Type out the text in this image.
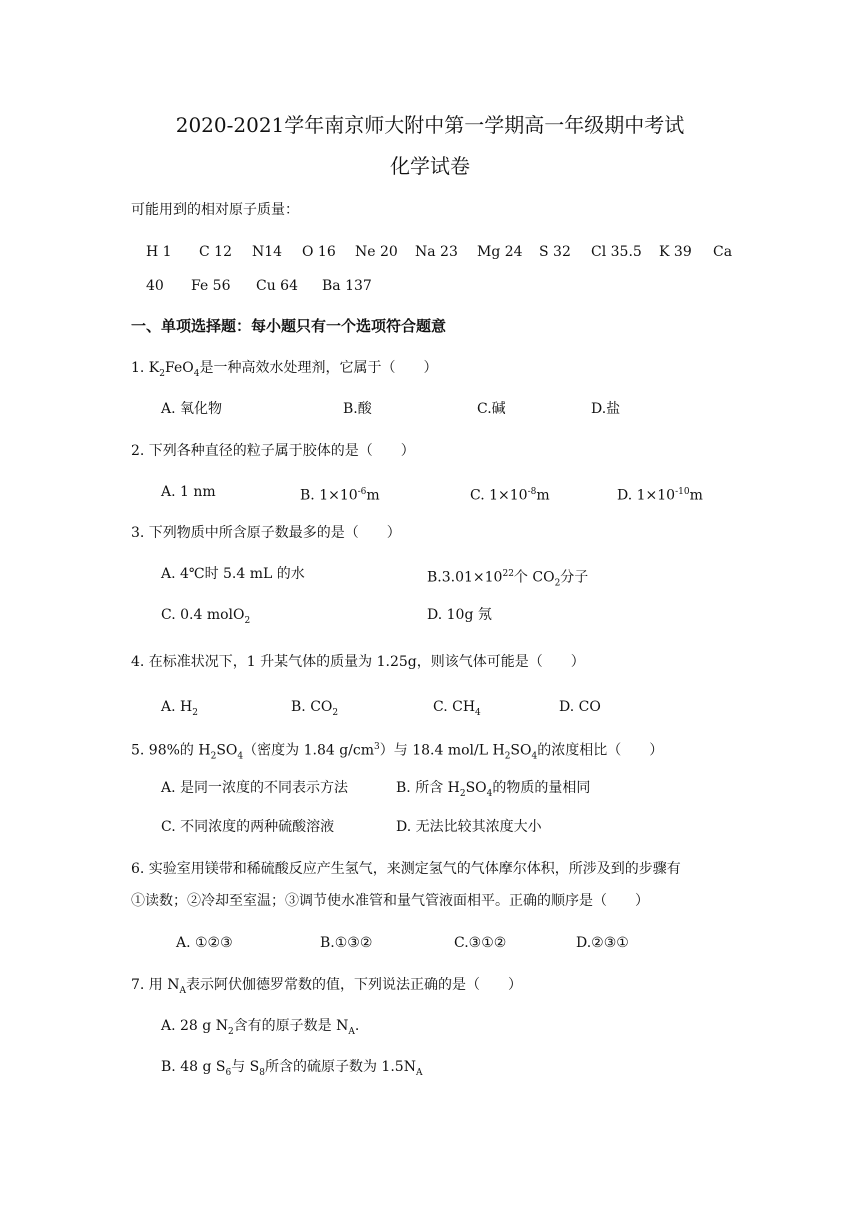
2020-2021学年南京师大附中第一学期高一年级期中考试
化学试卷
可能用到的相对原子质量：
H 1 C 12 N14 O 16 Ne 20 Na 23 Mg 24 S 32 Cl 35.5 K 39 Ca
40 Fe 56 Cu 64 Ba 137
一、单项选择题：每小题只有一个选项符合题意
1. $K_2FeO_4$是一种高效水处理剂，它属于（　　）
A. 氧化物	B.酸	C.碱	D.盐
2. 下列各种直径的粒子属于胶体的是（　　）
A. 1 nm	B. $1\times 10^{-6}m$	C. $1\times 10^{-8}m$	D. $1\times 10^{-10}m$
3. 下列物质中所含原子数最多的是（　　）
A. 4℃时 5.4 mL 的水	$B.3.01\times 10^{22}$个 $CO_2$分子
C. 0.4 molO$_2$	D. 10g 氖
4. 在标准状况下，1 升某气体的质量为 1.25g，则该气体可能是（　　）
A. $H_2$	B. $CO_2$	C. $CH_4$	D. CO
5. 98%的 $H_2SO_4$（密度为 1.84 $g/cm^3$）与 18.4 mol/L $H_2SO_4$的浓度相比（　　）
A. 是同一浓度的不同表示方法	B. 所含 $H_2SO_4$的物质的量相同
C. 不同浓度的两种硫酸溶液	D. 无法比较其浓度大小
6. 实验室用镁带和稀硫酸反应产生氢气，来测定氢气的气体摩尔体积，所涉及到的步骤有
①读数；②冷却至室温；③调节使水准管和量气管液面相平。正确的顺序是（　　）
A. ①②③	B.①③②	C.③①②	D.②③①
7. 用 $N_A$表示阿伏伽德罗常数的值，下列说法正确的是（　　）
A. 28 g $N_2$含有的原子数是 $N_A$.
B. 48 g $S_6$与 $S_8$所含的硫原子数为 $1.5N_A$
